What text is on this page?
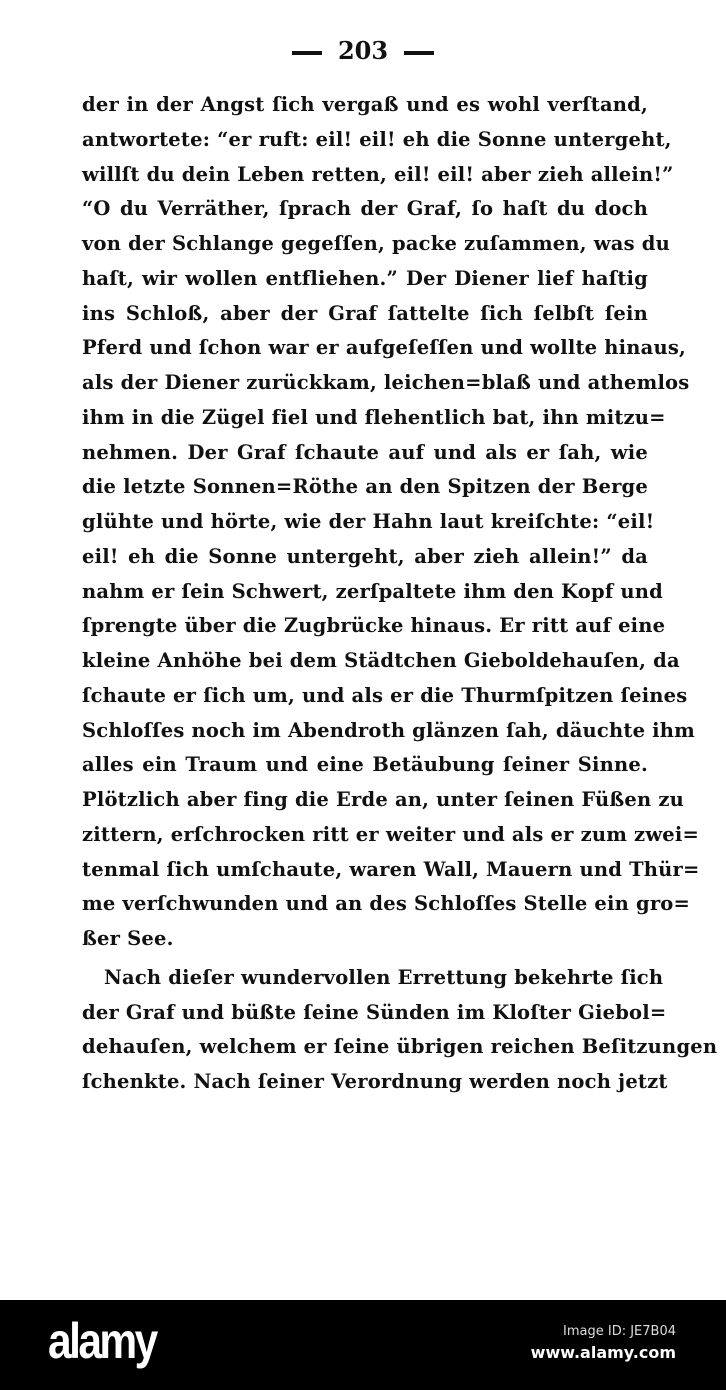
203
der in der Angst ſich vergaß und es wohl verſtand,
antwortete: “er ruft: eil! eil! eh die Sonne untergeht,
willſt du dein Leben retten, eil! eil! aber zieh allein!”
“O du Verräther, ſprach der Graf, ſo haſt du doch
von der Schlange gegeſſen, packe zuſammen, was du
haſt, wir wollen entfliehen.” Der Diener lief haſtig
ins Schloß, aber der Graf ſattelte ſich ſelbſt ſein
Pferd und ſchon war er aufgeſeſſen und wollte hinaus,
als der Diener zurückkam, leichen=blaß und athemlos
ihm in die Zügel fiel und flehentlich bat, ihn mitzu=
nehmen. Der Graf ſchaute auf und als er ſah, wie
die letzte Sonnen=Röthe an den Spitzen der Berge
glühte und hörte, wie der Hahn laut kreiſchte: “eil!
eil! eh die Sonne untergeht, aber zieh allein!” da
nahm er ſein Schwert, zerſpaltete ihm den Kopf und
ſprengte über die Zugbrücke hinaus. Er ritt auf eine
kleine Anhöhe bei dem Städtchen Gieboldehauſen, da
ſchaute er ſich um, und als er die Thurmſpitzen ſeines
Schloſſes noch im Abendroth glänzen ſah, däuchte ihm
alles ein Traum und eine Betäubung ſeiner Sinne.
Plötzlich aber fing die Erde an, unter ſeinen Füßen zu
zittern, erſchrocken ritt er weiter und als er zum zwei=
tenmal ſich umſchaute, waren Wall, Mauern und Thür=
me verſchwunden und an des Schloſſes Stelle ein gro=
ßer See.
Nach dieſer wundervollen Errettung bekehrte ſich
der Graf und büßte ſeine Sünden im Kloſter Giebol=
dehauſen, welchem er ſeine übrigen reichen Beſitzungen
ſchenkte. Nach ſeiner Verordnung werden noch jetzt
alamy	Image ID: JE7B04
www.alamy.com
